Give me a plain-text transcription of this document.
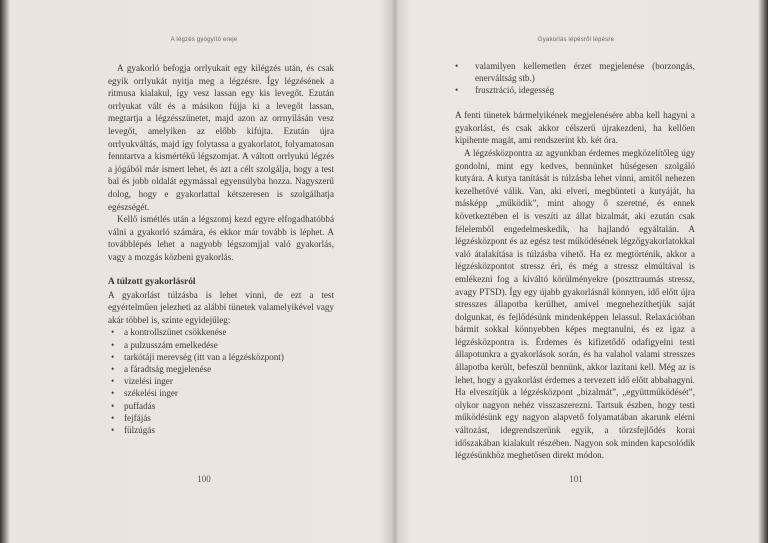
A légzés gyógyító ereje

A gyakorló befogja orrlyukait egy kilégzés után, és csak egyik orrlyukát nyitja meg a légzésre. Így légzésének a ritmusa kialakul, így vesz lassan egy kis levegőt. Ezután orrlyukat vált és a másikon fújja ki a levegőt lassan, megtartja a légzésszünetet, majd azon az orrnyílásán vesz levegőt, amelyiken az előbb kifújta. Ezután újra orrlyukváltás, majd így folytassa a gyakorlatot, folyamatosan fenntartva a kismértékű légszomjat. A váltott orrlyukú légzés a jógából már ismert lehet, és azt a célt szolgálja, hogy a test bal és jobb oldalát egymással egyensúlyba hozza. Nagyszerű dolog, hogy e gyakorlattal kétszeresen is szolgálhatja egészségét.

Kellő ismétlés után a légszomj kezd egyre elfogadhatóbbá válni a gyakorló számára, és ekkor már tovább is léphet. A továbblépés lehet a nagyobb légszomjjal való gyakorlás, vagy a mozgás közbeni gyakorlás.

A túlzott gyakorlásról

A gyakorlást túlzásba is lehet vinni, de ezt a test egyértelműen jelezheti az alábbi tünetek valamelyikével vagy akár többel is, szinte egyidejűleg:

• a kontrollszünet csökkenése
• a pulzusszám emelkedése
• tarkótáji merevség (itt van a légzésközpont)
• a fáradtság megjelenése
• vizelési inger
• székelési inger
• puffadás
• fejfájás
• fülzúgás
100
Gyakorlás lépésről lépésre
• valamilyen kellemetlen érzet megjelenése (borzongás, enerváltság stb.)
• frusztráció, idegesség

A fenti tünetek bármelyikének megjelenésére abba kell hagyni a gyakorlást, és csak akkor célszerű újrakezdeni, ha kellően kipihente magát, ami rendszerint kb. két óra.

A légzésközpontra az agyunkban érdemes megközelítőleg úgy gondolni, mint egy kedves, bennünket hűségesen szolgáló kutyára. A kutya tanítását is túlzásba lehet vinni, amitől nehezen kezelhetővé válik. Van, aki elveri, megbünteti a kutyáját, ha másképp „működik”, mint ahogy ő szeretné, és ennek következtében el is veszíti az állat bizalmát, aki ezután csak félelemből engedelmeskedik, ha hajlandó egyáltalán. A légzésközpont és az egész test működésének légzőgyakorlatokkal való átalakítása is túlzásba vihető. Ha ez megtörténik, akkor a légzésközpontot stressz éri, és még a stressz elmúltával is emlékezni fog a kiváltó körülményekre (poszttraumás stressz, avagy PTSD). Így egy újabb gyakorlásnál könnyen, idő előtt újra stresszes állapotba kerülhet, amivel megnehezíthetjük saját dolgunkat, és fejlődésünk mindenképpen lelassul. Relaxációban bármit sokkal könnyebben képes megtanulni, és ez igaz a légzésközpontra is. Érdemes és kifizetődő odafigyelni testi állapotunkra a gyakorlások során, és ha valahol valami stresszes állapotba került, befeszül bennünk, akkor lazítani kell. Még az is lehet, hogy a gyakorlást érdemes a tervezett idő előtt abbahagyni. Ha elveszítjük a légzésközpont „bizalmát”, „együttműködését”, olykor nagyon nehéz visszaszerezni. Tartsuk észben, hogy testi működésünk egy nagyon alapvető folyamatában akarunk elérni változást, idegrendszerünk egyik, a törzsfejlődés korai időszakában kialakult részében. Nagyon sok minden kapcsolódik légzésünkhöz meghetősen direkt módon.

101
